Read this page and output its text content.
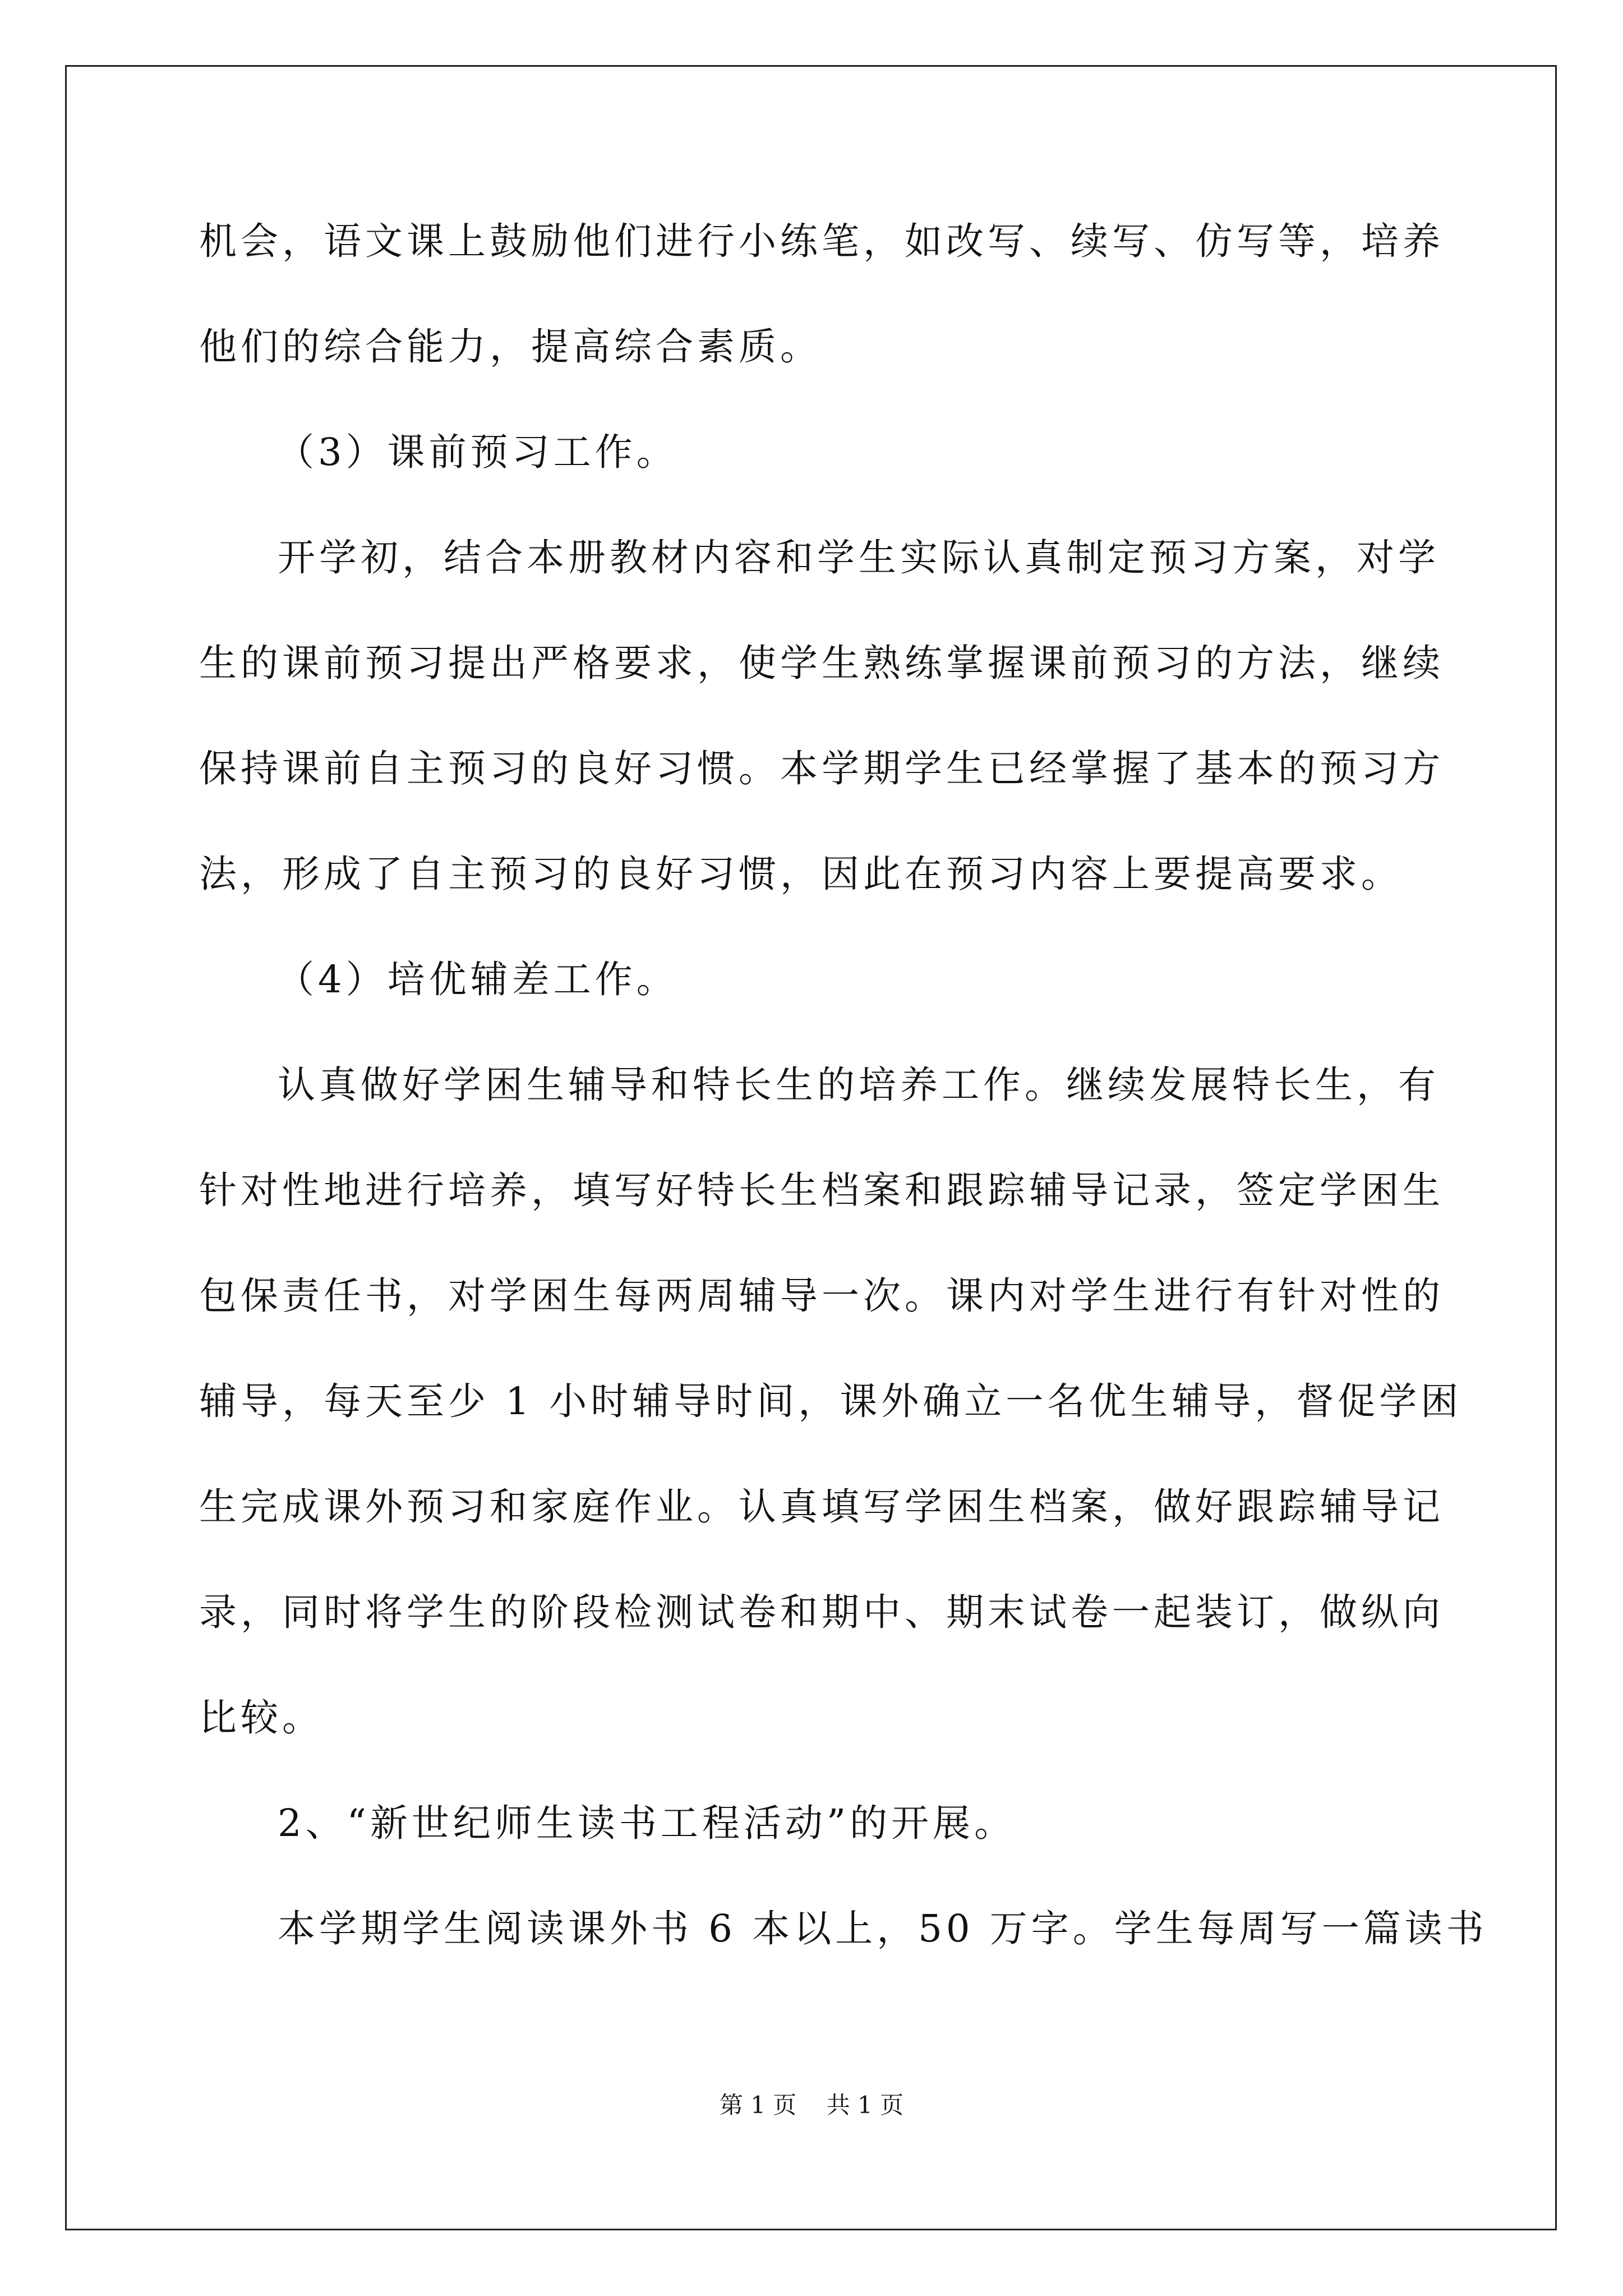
机会，语文课上鼓励他们进行小练笔，如改写、续写、仿写等，培养
他们的综合能力，提高综合素质。
（3）课前预习工作。
开学初，结合本册教材内容和学生实际认真制定预习方案，对学
生的课前预习提出严格要求，使学生熟练掌握课前预习的方法，继续
保持课前自主预习的良好习惯。本学期学生已经掌握了基本的预习方
法，形成了自主预习的良好习惯，因此在预习内容上要提高要求。
（4）培优辅差工作。
认真做好学困生辅导和特长生的培养工作。继续发展特长生，有
针对性地进行培养，填写好特长生档案和跟踪辅导记录，签定学困生
包保责任书，对学困生每两周辅导一次。课内对学生进行有针对性的
辅导，每天至少 1 小时辅导时间，课外确立一名优生辅导，督促学困
生完成课外预习和家庭作业。认真填写学困生档案，做好跟踪辅导记
录，同时将学生的阶段检测试卷和期中、期末试卷一起装订，做纵向
比较。
2、“新世纪师生读书工程活动”的开展。
本学期学生阅读课外书 6 本以上，50 万字。学生每周写一篇读书
第 1 页    共 1 页
